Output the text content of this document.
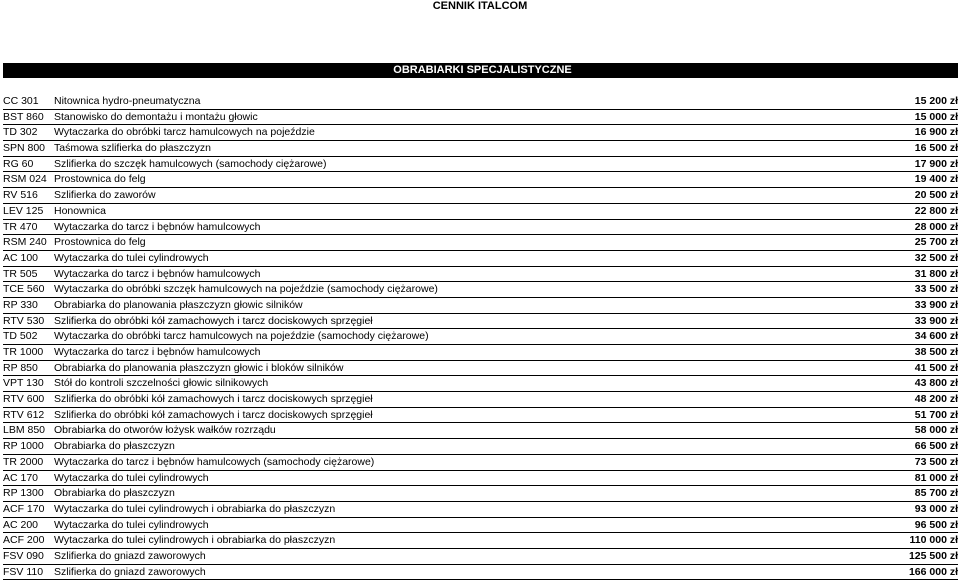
CENNIK ITALCOM
OBRABIARKI SPECJALISTYCZNE
CC 301	Nitownica hydro-pneumatyczna	15 200 zł
BST 860 Stanowisko do demontażu i montażu głowic	15 000 zł
TD 302	Wytaczarka do obróbki tarcz hamulcowych na pojeździe	16 900 zł
SPN 800 Taśmowa szlifierka do płaszczyzn	16 500 zł
RG 60	Szlifierka do szczęk hamulcowych (samochody ciężarowe)	17 900 zł
RSM 024 Prostownica do felg	19 400 zł
RV 516	Szlifierka do zaworów	20 500 zł
LEV 125	Honownica	22 800 zł
TR 470	Wytaczarka do tarcz i bębnów hamulcowych	28 000 zł
RSM 240 Prostownica do felg	25 700 zł
AC 100	Wytaczarka do tulei cylindrowych	32 500 zł
TR 505	Wytaczarka do tarcz i bębnów hamulcowych	31 800 zł
TCE 560 Wytaczarka do obróbki szczęk hamulcowych na pojeździe (samochody ciężarowe)	33 500 zł
RP 330	Obrabiarka do planowania płaszczyzn głowic silników	33 900 zł
RTV 530 Szlifierka do obróbki kół zamachowych i tarcz dociskowych sprzęgieł	33 900 zł
TD 502	Wytaczarka do obróbki tarcz hamulcowych na pojeździe (samochody ciężarowe)	34 600 zł
TR 1000	Wytaczarka do tarcz i bębnów hamulcowych	38 500 zł
RP 850	Obrabiarka do planowania płaszczyzn głowic i bloków silników	41 500 zł
VPT 130 Stół do kontroli szczelności głowic silnikowych	43 800 zł
RTV 600 Szlifierka do obróbki kół zamachowych i tarcz dociskowych sprzęgieł	48 200 zł
RTV 612 Szlifierka do obróbki kół zamachowych i tarcz dociskowych sprzęgieł	51 700 zł
LBM 850 Obrabiarka do otworów łożysk wałków rozrządu	58 000 zł
RP 1000 Obrabiarka do płaszczyzn	66 500 zł
TR 2000	Wytaczarka do tarcz i bębnów hamulcowych (samochody ciężarowe)	73 500 zł
AC 170	Wytaczarka do tulei cylindrowych	81 000 zł
RP 1300 Obrabiarka do płaszczyzn	85 700 zł
ACF 170 Wytaczarka do tulei cylindrowych i obrabiarka do płaszczyzn	93 000 zł
AC 200	Wytaczarka do tulei cylindrowych	96 500 zł
ACF 200 Wytaczarka do tulei cylindrowych i obrabiarka do płaszczyzn	110 000 zł
FSV 090 Szlifierka do gniazd zaworowych	125 500 zł
FSV 110	Szlifierka do gniazd zaworowych	166 000 zł
